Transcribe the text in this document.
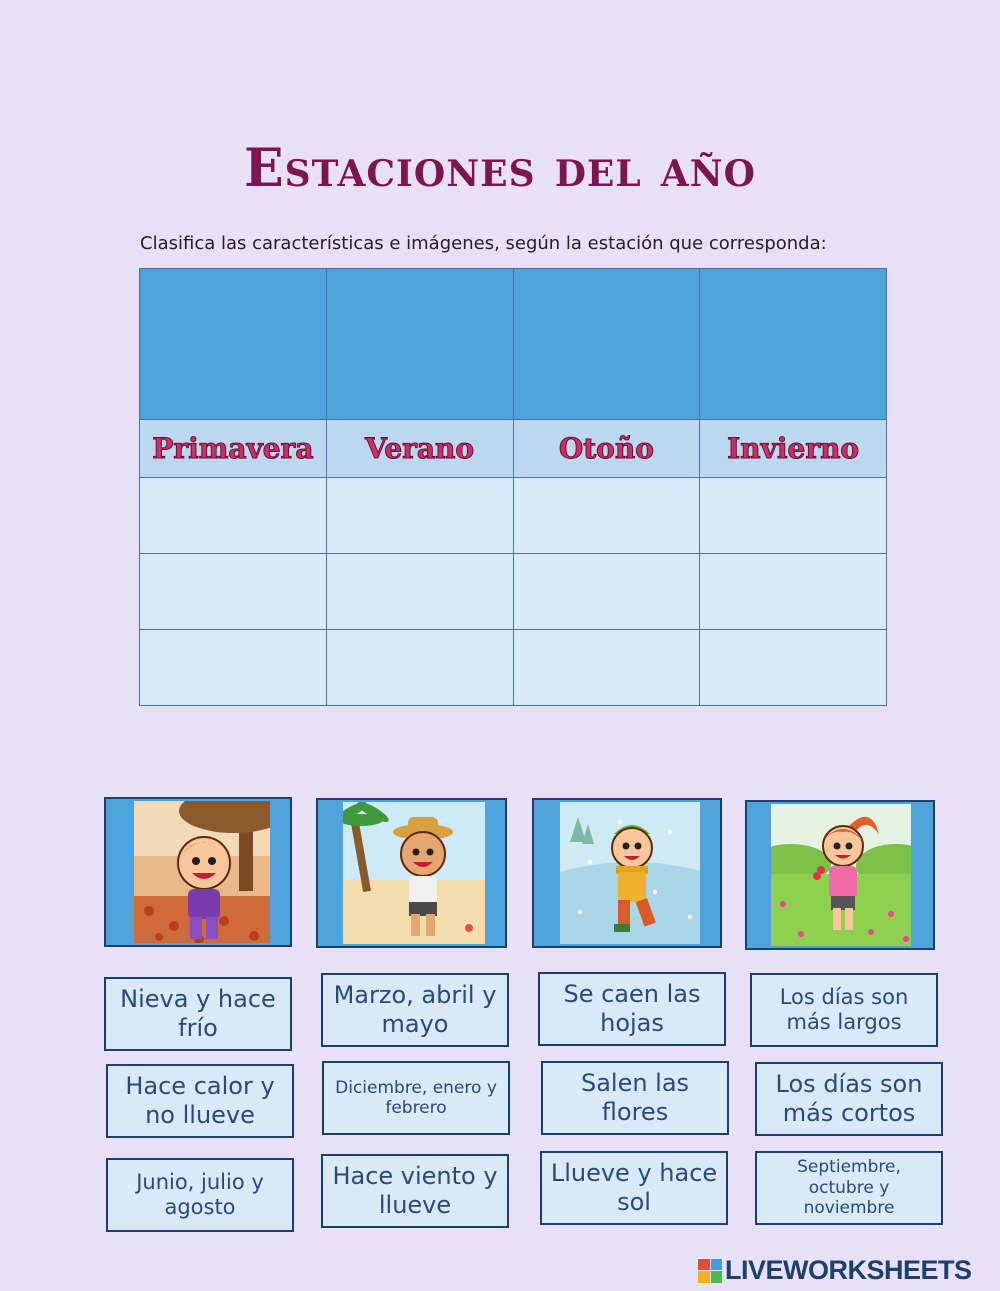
Estaciones del año
Clasifica las características e imágenes, según la estación que corresponda:

Primavera	Verano	Otoño	Invierno

Nieva y hace frío
Marzo, abril y mayo
Se caen las hojas
Los días son más largos
Hace calor y no llueve
Diciembre, enero y febrero
Salen las flores
Los días son más cortos
Junio, julio y agosto
Hace viento y llueve
Llueve y hace sol
Septiembre, octubre y noviembre
LIVEWORKSHEETS
